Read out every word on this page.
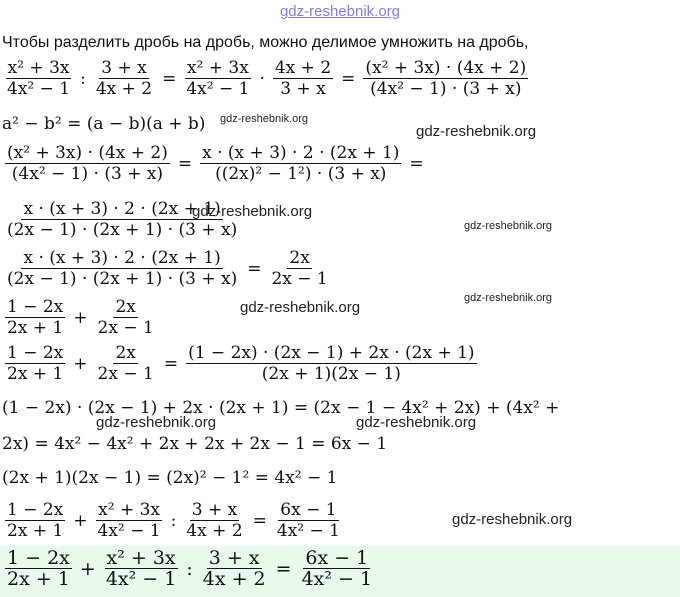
gdz-reshebnik.org
Чтобы разделить дробь на дробь, можно делимое умножить на дробь,
$\frac{\text{x² + 3x}}{\text{4x² − 1}}$ : $\frac{3 + x}{4x + 2} = \frac{\text{x² + 3x}}{\text{4x² − 1}} \cdot \frac{4x + 2}{3 + x} = \frac{\text{(x² + 3x) · (4x + 2)}}{\text{(4x² − 1) · (3 + x)}}$
a² − b² = (a − b)(a + b)
$\frac{\text{(x² + 3x) · (4x + 2)}}{\text{(4x² − 1) · (3 + x)}} = \frac{x \cdot (x + 3) \cdot 2 \cdot (2x + 1)}{\text{((2x)² − 1²) · (3 + x)}}$ =
$\frac{x \cdot (x + 3) \cdot 2 \cdot (2x + 1)}{(2x - 1) \cdot (2x + 1) \cdot (3 + x)}$
$\frac{x \cdot (x + 3) \cdot 2 \cdot (2x + 1)}{(2x - 1) \cdot (2x + 1) \cdot (3 + x)} = \frac{2x}{2x - 1}$
$\frac{1 - 2x}{2x + 1} + \frac{2x}{2x - 1}$
$\frac{1 - 2x}{2x + 1} + \frac{2x}{2x - 1} = \frac{(1 - 2x) \cdot (2x - 1) + 2x \cdot (2x + 1)}{(2x + 1)(2x - 1)}$
(1 − 2x) · (2x − 1) + 2x · (2x + 1) = (2x − 1 − 4x² + 2x) + (4x² +
2x) = 4x² − 4x² + 2x + 2x + 2x − 1 = 6x − 1
(2x + 1)(2x − 1) = (2x)² − 1² = 4x² − 1
$\frac{1 - 2x}{2x + 1} + \frac{\text{x² + 3x}}{\text{4x² − 1}}$ : $\frac{3 + x}{4x + 2} = \frac{6x - 1}{\text{4x² − 1}}$
$\frac{1 - 2x}{2x + 1} + \frac{\text{x² + 3x}}{\text{4x² − 1}}$ : $\frac{3 + x}{4x + 2} = \frac{6x - 1}{\text{4x² − 1}}$
gdz-reshebnik.org
gdz-reshebnik.org
gdz-reshebnik.org
gdz-reshebnik.org
gdz-reshebnik.org
gdz-reshebnik.org
gdz-reshebnik.org	gdz-reshebnik.org
gdz-reshebnik.org
